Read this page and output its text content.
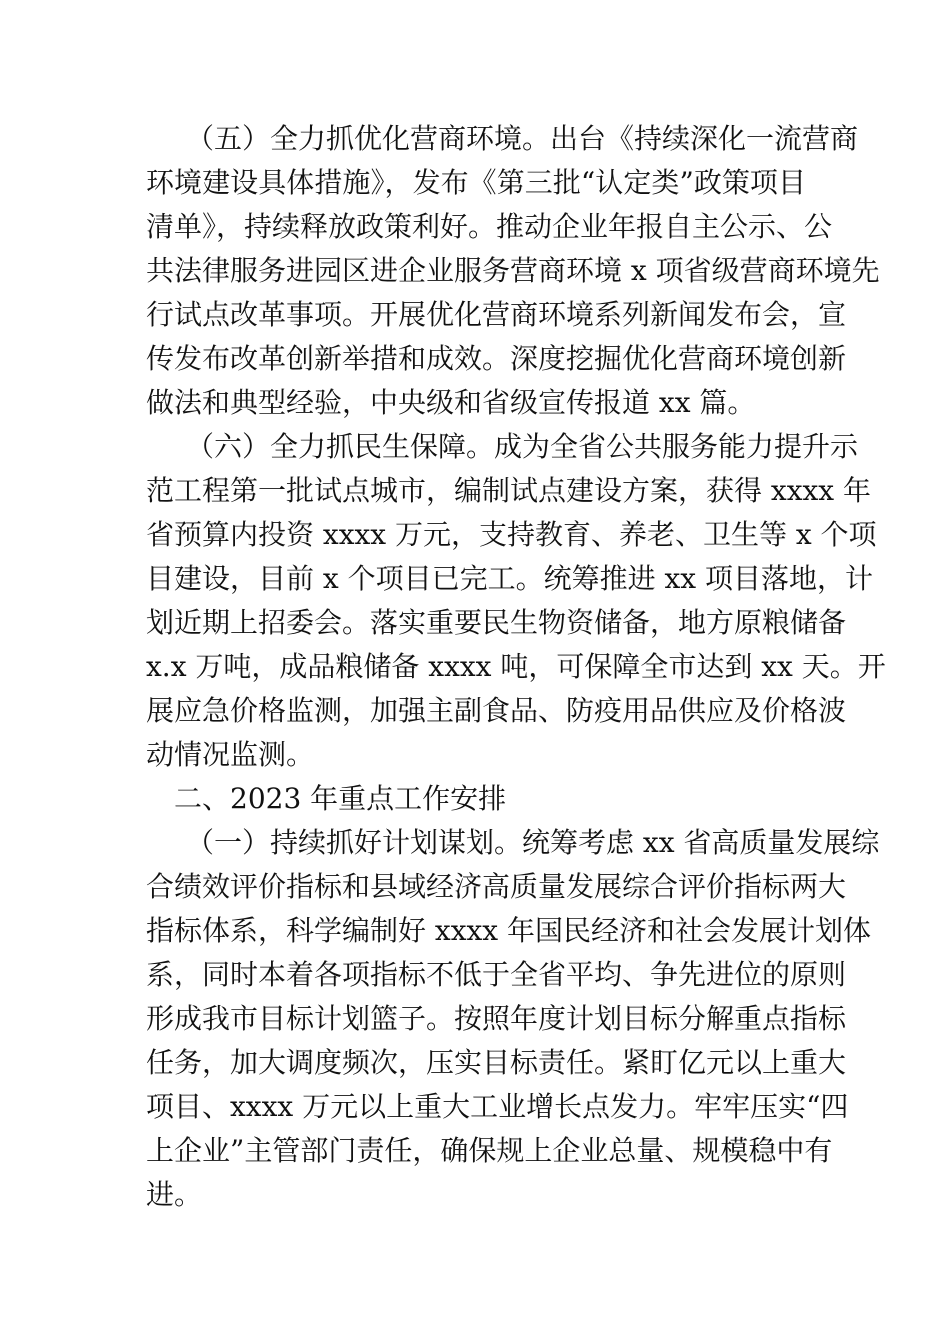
（五）全力抓优化营商环境。出台《持续深化一流营商
环境建设具体措施》，发布《第三批“认定类”政策项目
清单》，持续释放政策利好。推动企业年报自主公示、公
共法律服务进园区进企业服务营商环境 x 项省级营商环境先
行试点改革事项。开展优化营商环境系列新闻发布会，宣
传发布改革创新举措和成效。深度挖掘优化营商环境创新
做法和典型经验，中央级和省级宣传报道 xx 篇。
（六）全力抓民生保障。成为全省公共服务能力提升示
范工程第一批试点城市，编制试点建设方案，获得 xxxx 年
省预算内投资 xxxx 万元，支持教育、养老、卫生等 x 个项
目建设，目前 x 个项目已完工。统筹推进 xx 项目落地，计
划近期上招委会。落实重要民生物资储备，地方原粮储备
x.x 万吨，成品粮储备 xxxx 吨，可保障全市达到 xx 天。开
展应急价格监测，加强主副食品、防疫用品供应及价格波
动情况监测。
二、2023 年重点工作安排
（一）持续抓好计划谋划。统筹考虑 xx 省高质量发展综
合绩效评价指标和县域经济高质量发展综合评价指标两大
指标体系，科学编制好 xxxx 年国民经济和社会发展计划体
系，同时本着各项指标不低于全省平均、争先进位的原则
形成我市目标计划篮子。按照年度计划目标分解重点指标
任务，加大调度频次，压实目标责任。紧盯亿元以上重大
项目、xxxx 万元以上重大工业增长点发力。牢牢压实“四
上企业”主管部门责任，确保规上企业总量、规模稳中有
进。
